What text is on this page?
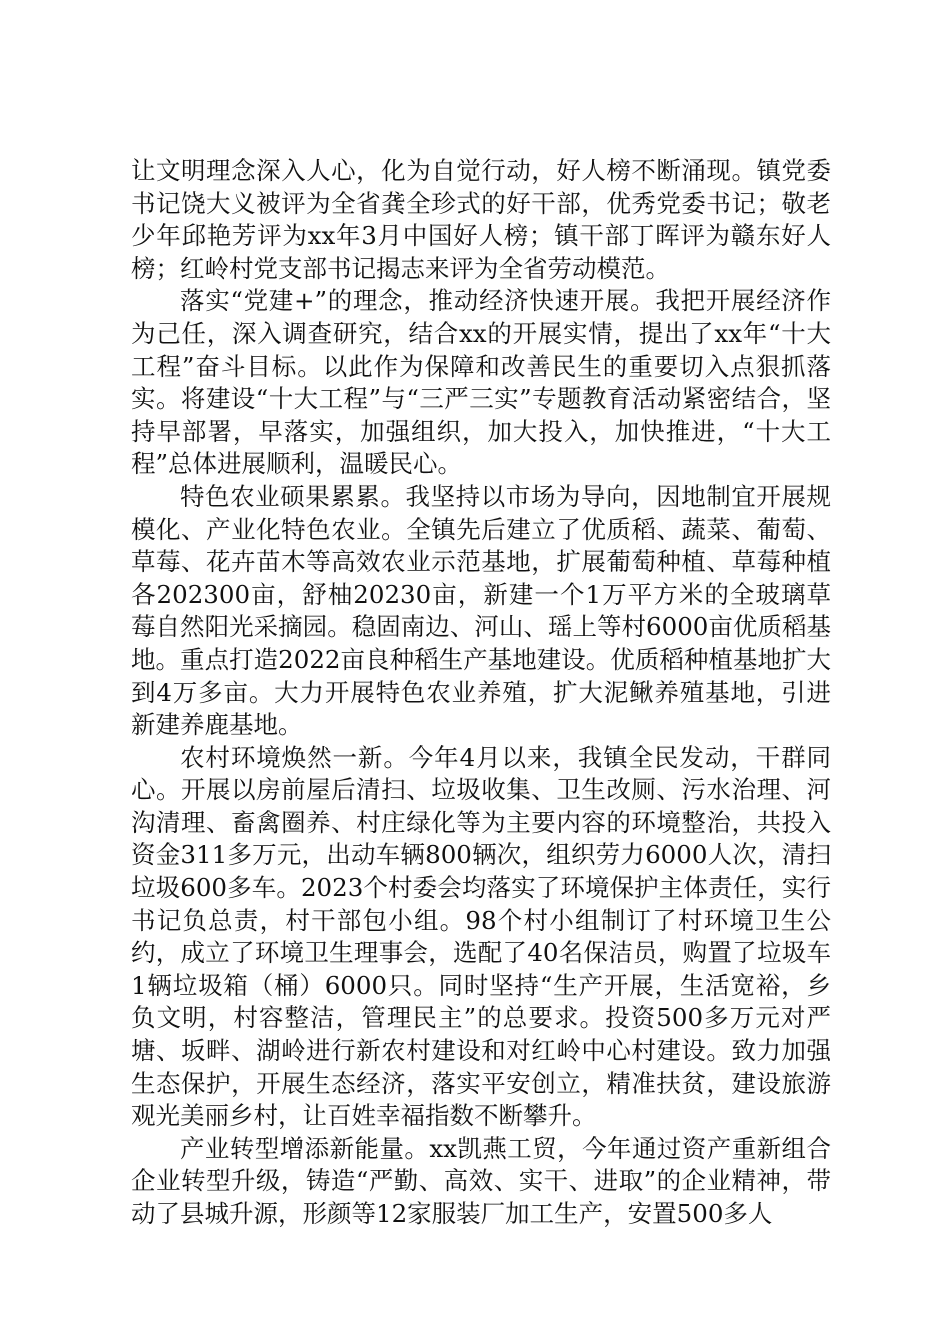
让文明理念深入人心，化为自觉行动，好人榜不断涌现。镇党委书记饶大义被评为全省龚全珍式的好干部，优秀党委书记；敬老少年邱艳芳评为xx年3月中国好人榜；镇干部丁晖评为赣东好人榜；红岭村党支部书记揭志来评为全省劳动模范。

落实“党建+”的理念，推动经济快速开展。我把开展经济作为己任，深入调查研究，结合xx的开展实情，提出了xx年“十大工程”奋斗目标。以此作为保障和改善民生的重要切入点狠抓落实。将建设“十大工程”与“三严三实”专题教育活动紧密结合，坚持早部署，早落实，加强组织，加大投入，加快推进，“十大工程”总体进展顺利，温暖民心。

特色农业硕果累累。我坚持以市场为导向，因地制宜开展规模化、产业化特色农业。全镇先后建立了优质稻、蔬菜、葡萄、草莓、花卉苗木等高效农业示范基地，扩展葡萄种植、草莓种植各202300亩，舒柚20230亩，新建一个1万平方米的全玻璃草莓自然阳光采摘园。稳固南边、河山、瑶上等村6000亩优质稻基地。重点打造2022亩良种稻生产基地建设。优质稻种植基地扩大到4万多亩。大力开展特色农业养殖，扩大泥鳅养殖基地，引进新建养鹿基地。

农村环境焕然一新。今年4月以来，我镇全民发动，干群同心。开展以房前屋后清扫、垃圾收集、卫生改厕、污水治理、河沟清理、畜禽圈养、村庄绿化等为主要内容的环境整治，共投入资金311多万元，出动车辆800辆次，组织劳力6000人次，清扫垃圾600多车。2023个村委会均落实了环境保护主体责任，实行书记负总责，村干部包小组。98个村小组制订了村环境卫生公约，成立了环境卫生理事会，选配了40名保洁员，购置了垃圾车1辆垃圾箱（桶）6000只。同时坚持“生产开展，生活宽裕，乡负文明，村容整洁，管理民主”的总要求。投资500多万元对严塘、坂畔、湖岭进行新农村建设和对红岭中心村建设。致力加强生态保护，开展生态经济，落实平安创立，精准扶贫，建设旅游观光美丽乡村，让百姓幸福指数不断攀升。

产业转型增添新能量。xx凯燕工贸，今年通过资产重新组合企业转型升级，铸造“严勤、高效、实干、进取”的企业精神，带动了县城升源，形颜等12家服装厂加工生产，安置500多人
